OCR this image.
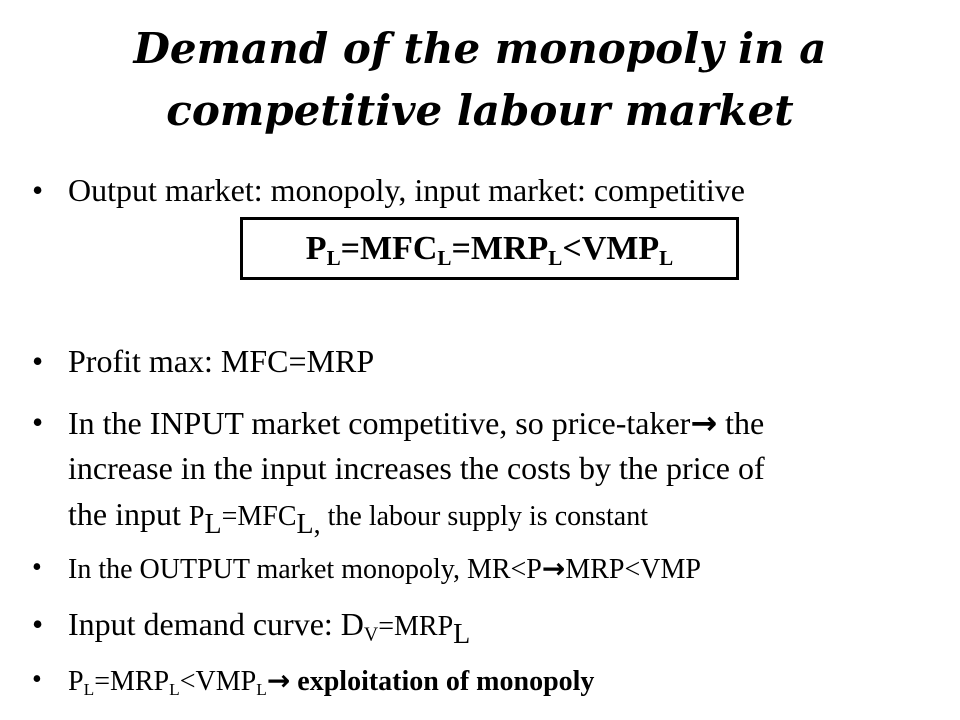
Demand of the monopoly in a
competitive labour market
• Output market: monopoly, input market: competitive
$P_L=MFC_L=MRP_L<VMP_L$
• Profit max: MFC=MRP
• In the INPUT market competitive, so price-taker→ the
increase in the input increases the costs by the price of
the input $P_L=MFC_{L,}$ the labour supply is constant
• In the OUTPUT market monopoly, MR<P→MRP<VMP
• Input demand curve: $D_V=MRP_L$
• $P_L=MRP_L<VMP_L\to$ exploitation of monopoly
